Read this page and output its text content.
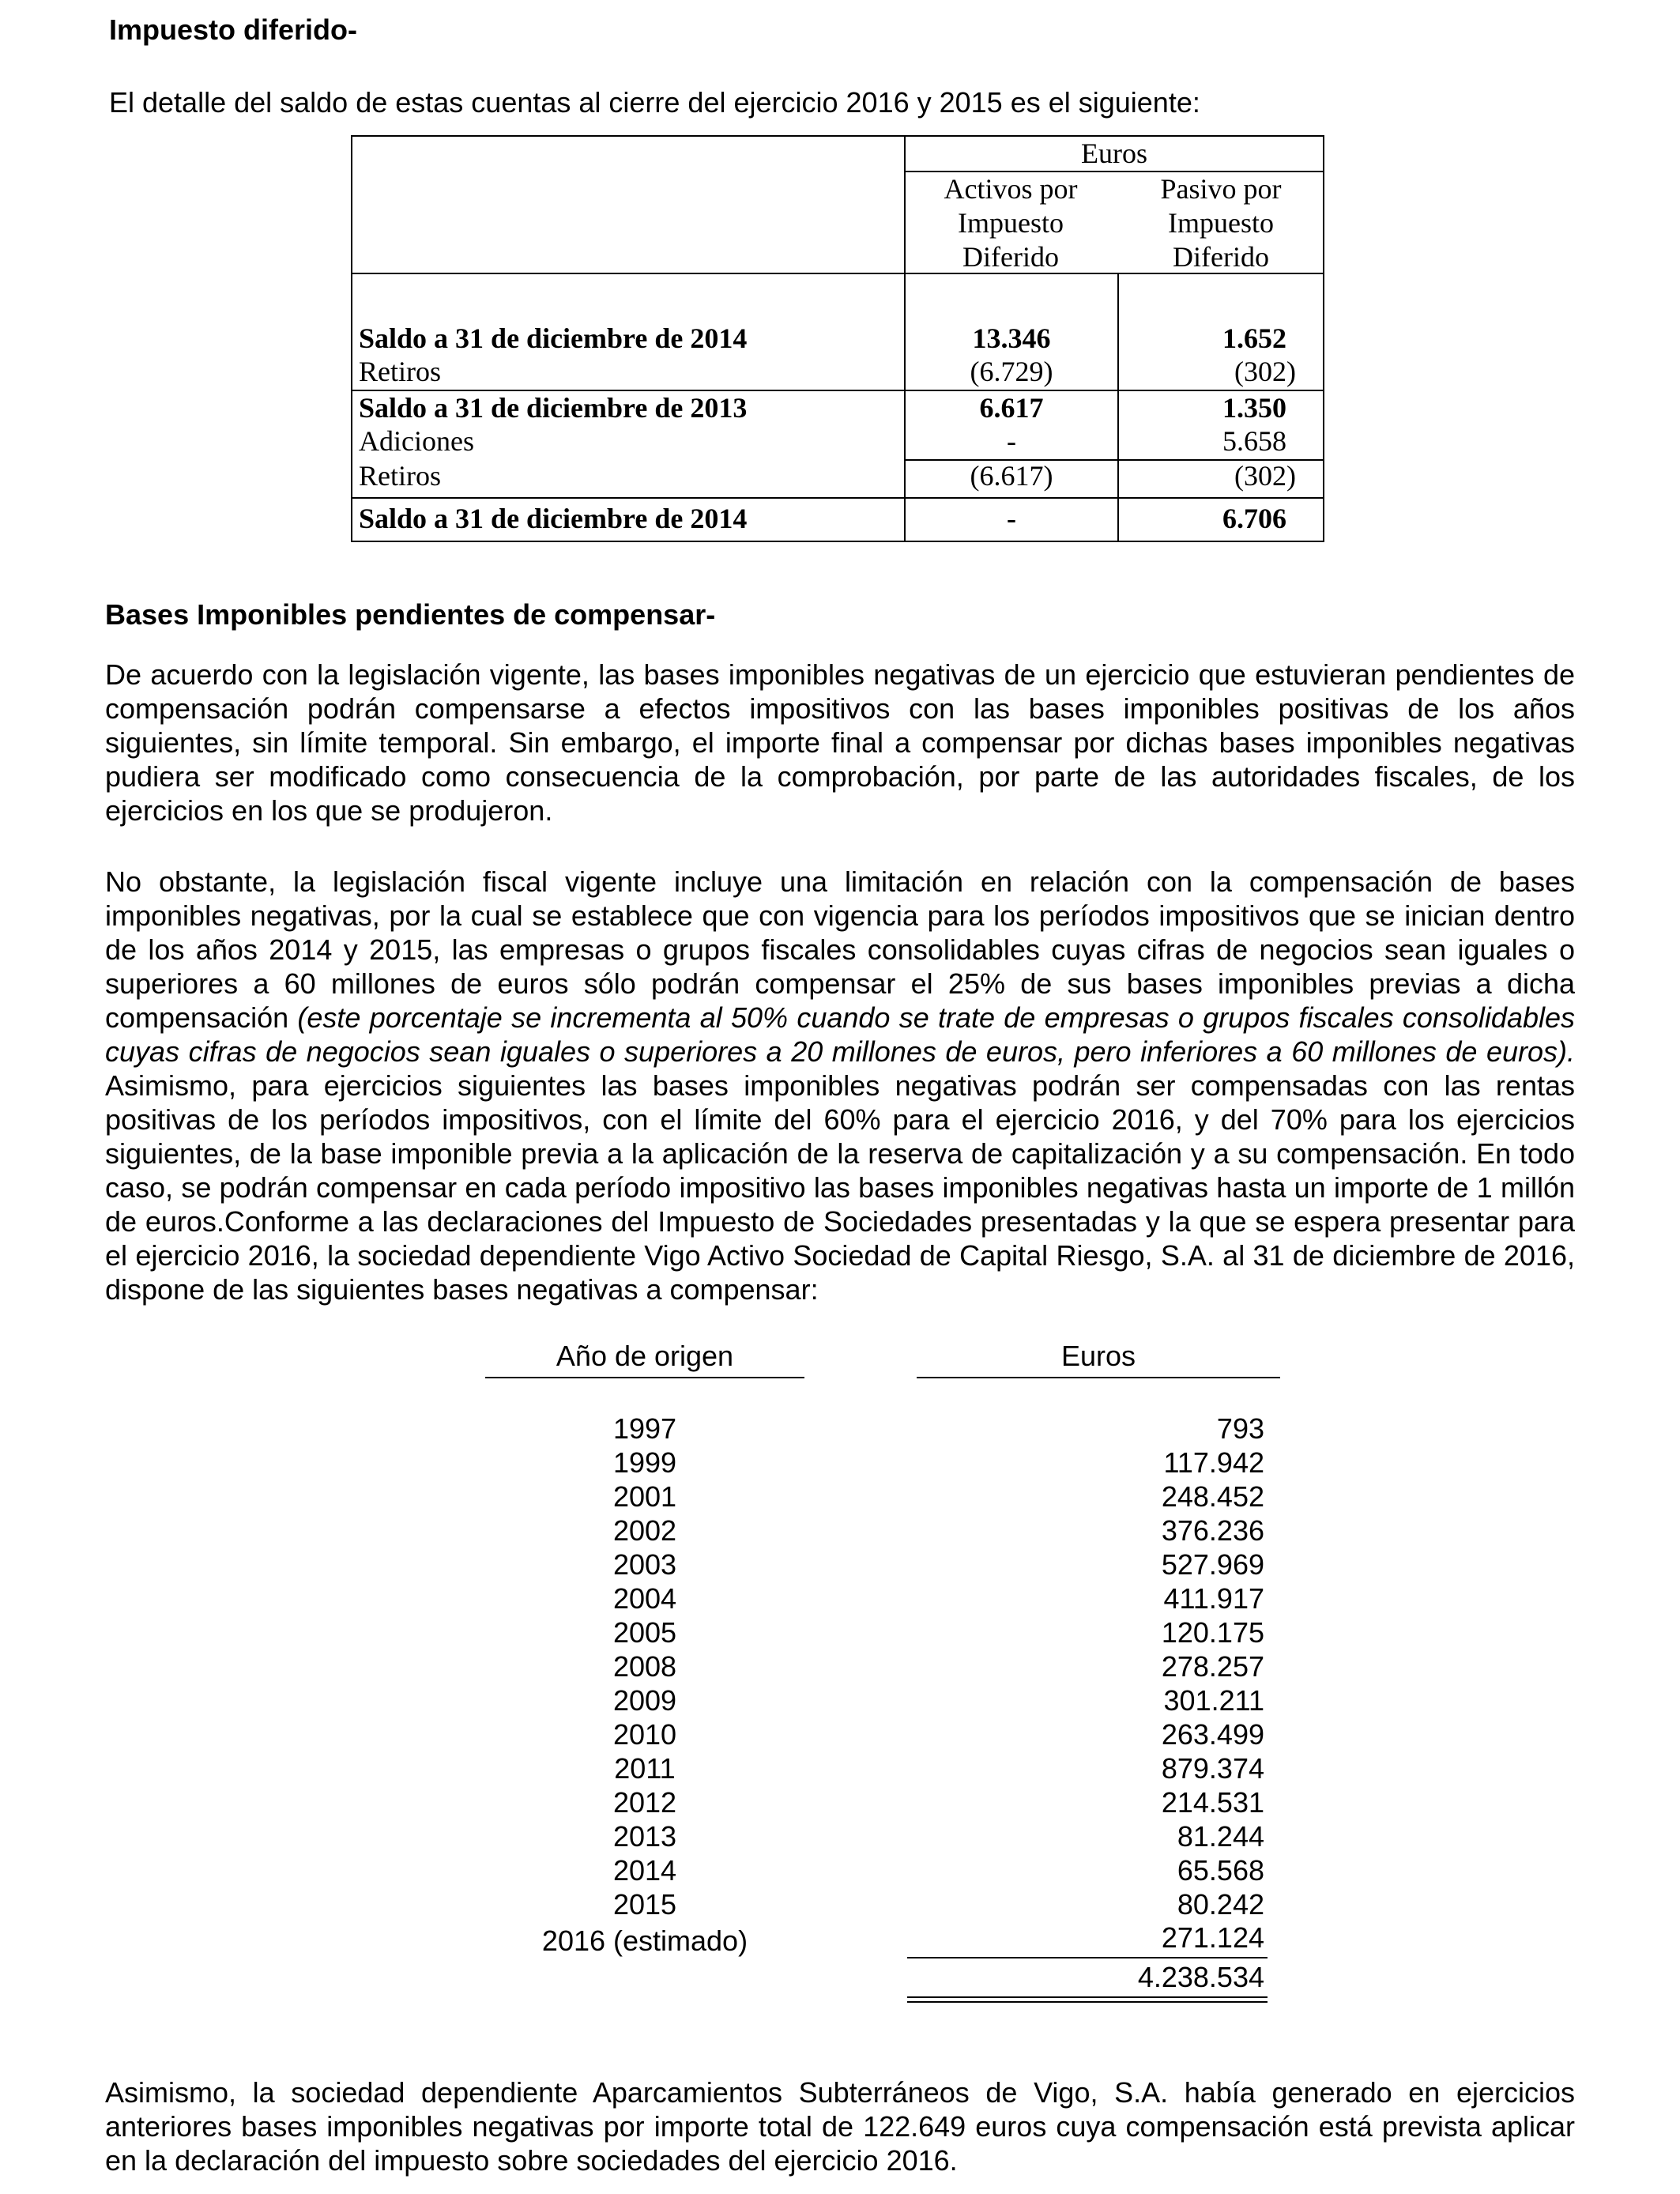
Impuesto diferido-

El detalle del saldo de estas cuentas al cierre del ejercicio 2016 y 2015 es el siguiente:

Euros
Activos por
Impuesto
Diferido
Pasivo por
Impuesto
Diferido
Saldo a 31 de diciembre de 2014	13.346	1.652
Retiros	(6.729)	(302)
Saldo a 31 de diciembre de 2013	6.617	1.350
Adiciones	-	5.658
Retiros	(6.617)	(302)
Saldo a 31 de diciembre de 2014	-	6.706
Bases Imponibles pendientes de compensar-

De acuerdo con la legislación vigente, las bases imponibles negativas de un ejercicio que estuvieran pendientes de compensación podrán compensarse a efectos impositivos con las bases imponibles positivas de los años siguientes, sin límite temporal. Sin embargo, el importe final a compensar por dichas bases imponibles negativas pudiera ser modificado como consecuencia de la comprobación, por parte de las autoridades fiscales, de los ejercicios en los que se produjeron.

No obstante, la legislación fiscal vigente incluye una limitación en relación con la compensación de bases imponibles negativas, por la cual se establece que con vigencia para los períodos impositivos que se inician dentro de los años 2014 y 2015, las empresas o grupos fiscales consolidables cuyas cifras de negocios sean iguales o superiores a 60 millones de euros sólo podrán compensar el 25% de sus bases imponibles previas a dicha compensación (este porcentaje se incrementa al 50% cuando se trate de empresas o grupos fiscales consolidables cuyas cifras de negocios sean iguales o superiores a 20 millones de euros, pero inferiores a 60 millones de euros). Asimismo, para ejercicios siguientes las bases imponibles negativas podrán ser compensadas con las rentas positivas de los períodos impositivos, con el límite del 60% para el ejercicio 2016, y del 70% para los ejercicios siguientes, de la base imponible previa a la aplicación de la reserva de capitalización y a su compensación. En todo caso, se podrán compensar en cada período impositivo las bases imponibles negativas hasta un importe de 1 millón de euros.Conforme a las declaraciones del Impuesto de Sociedades presentadas y la que se espera presentar para el ejercicio 2016, la sociedad dependiente Vigo Activo Sociedad de Capital Riesgo, S.A. al 31 de diciembre de 2016, dispone de las siguientes bases negativas a compensar:

Año de origen	Euros
1997	793
1999	117.942
2001	248.452
2002	376.236
2003	527.969
2004	411.917
2005	120.175
2008	278.257
2009	301.211
2010	263.499
2011	879.374
2012	214.531
2013	81.244
2014	65.568
2015	80.242
2016 (estimado)	271.124
4.238.534

Asimismo, la sociedad dependiente Aparcamientos Subterráneos de Vigo, S.A. había generado en ejercicios anteriores bases imponibles negativas por importe total de 122.649 euros cuya compensación está prevista aplicar en la declaración del impuesto sobre sociedades del ejercicio 2016.
